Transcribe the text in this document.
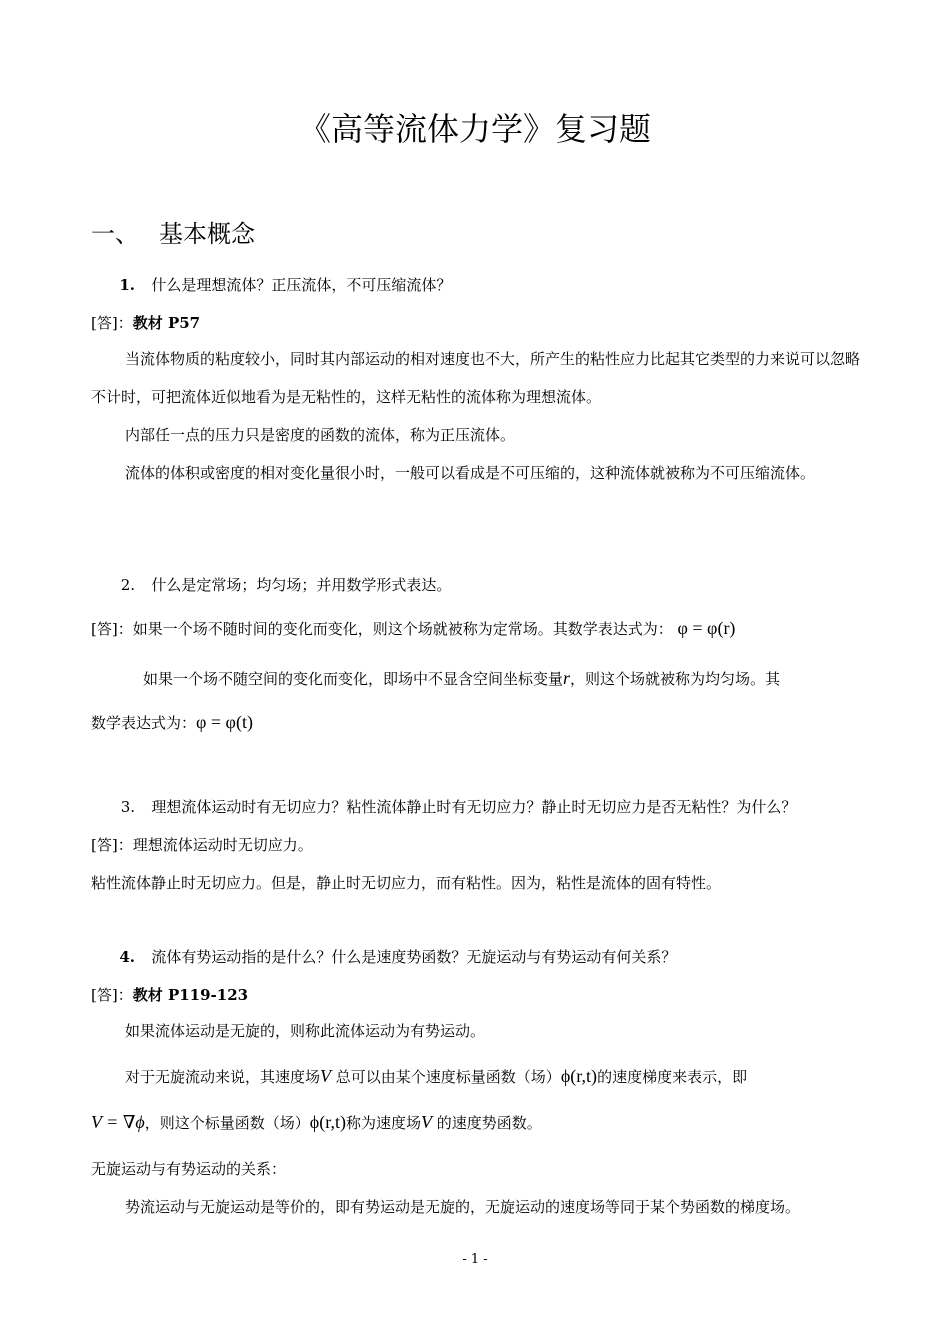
《高等流体力学》复习题
一、 基本概念
1. 什么是理想流体？正压流体，不可压缩流体？
[答]：教材 P57
当流体物质的粘度较小，同时其内部运动的相对速度也不大，所产生的粘性应力比起其它类型的力来说可以忽略不计时，可把流体近似地看为是无粘性的，这样无粘性的流体称为理想流体。
内部任一点的压力只是密度的函数的流体，称为正压流体。
流体的体积或密度的相对变化量很小时，一般可以看成是不可压缩的，这种流体就被称为不可压缩流体。
2. 什么是定常场；均匀场；并用数学形式表达。
[答]：如果一个场不随时间的变化而变化，则这个场就被称为定常场。其数学表达式为： φ = φ(r)
如果一个场不随空间的变化而变化，即场中不显含空间坐标变量r，则这个场就被称为均匀场。其
数学表达式为：φ = φ(t)
3. 理想流体运动时有无切应力？粘性流体静止时有无切应力？静止时无切应力是否无粘性？为什么？
[答]：理想流体运动时无切应力。
粘性流体静止时无切应力。但是，静止时无切应力，而有粘性。因为，粘性是流体的固有特性。
4. 流体有势运动指的是什么？什么是速度势函数？无旋运动与有势运动有何关系？
[答]：教材 P119-123
如果流体运动是无旋的，则称此流体运动为有势运动。
对于无旋流动来说，其速度场V 总可以由某个速度标量函数（场）ϕ(r,t)的速度梯度来表示，即
V = ∇ϕ，则这个标量函数（场）ϕ(r,t)称为速度场V 的速度势函数。
无旋运动与有势运动的关系：
势流运动与无旋运动是等价的，即有势运动是无旋的，无旋运动的速度场等同于某个势函数的梯度场。
- 1 -
